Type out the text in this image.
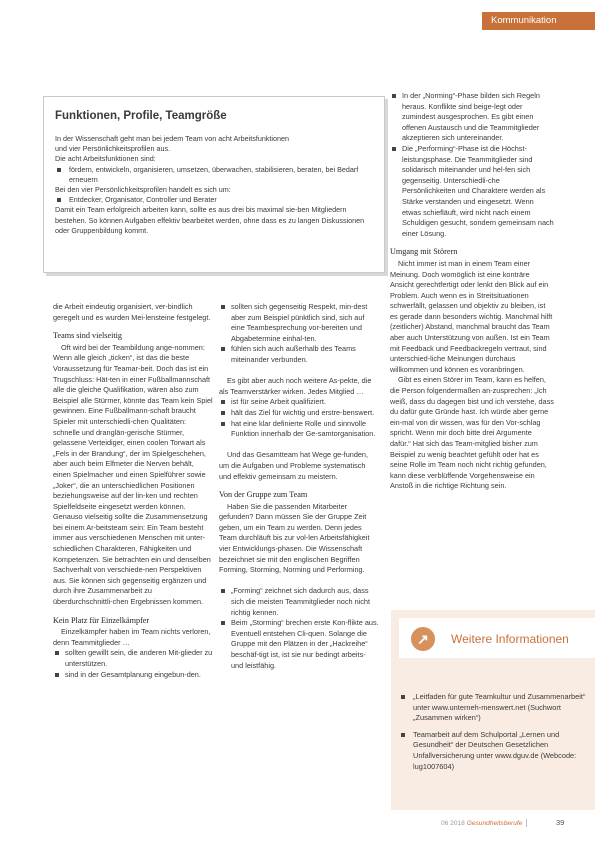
Kommunikation
Funktionen, Profile, Teamgröße

In der Wissenschaft geht man bei jedem Team von acht Arbeitsfunktionen

und vier Persönlichkeitsprofilen aus.

Die acht Arbeitsfunktionen sind:

fördern, entwickeln, organisieren, umsetzen, überwachen, stabilisieren, beraten, bei Bedarf erneuern

Bei den vier Persönlichkeitsprofilen handelt es sich um:

Entdecker, Organisator, Controller und Berater

Damit ein Team erfolgreich arbeiten kann, sollte es aus drei bis maximal sie-ben Mitgliedern bestehen. So können Aufgaben effektiv bearbeitet werden, ohne dass es zu langen Diskussionen oder Gruppenbildung kommt.

die Arbeit eindeutig organisiert, ver-bindlich geregelt und es wurden Mei-lensteine festgelegt.

Teams sind vielseitig

Oft wird bei der Teambildung ange-nommen: Wenn alle gleich „ticken“, ist das die beste Voraussetzung für Teamar-beit. Doch das ist ein Trugschluss: Hät-ten in einer Fußballmannschaft alle die gleiche Qualifikation, wären also zum Beispiel alle Stürmer, könnte das Team kein Spiel gewinnen. Eine Fußballmann-schaft braucht Spieler mit unterschiedli-chen Qualitäten: schnelle und dranglän-gerische Stürmer, gelassene Verteidiger, einen coolen Torwart als „Fels in der Brandung“, der im Spielgeschehen, aber auch beim Elfmeter die Nerven behält, einen Spielmacher und einen Spielführer sowie „Joker“, die an unterschiedlichen Positionen beziehungsweise auf der lin-ken und rechten Spielfeldseite eingesetzt werden können. Genauso vielseitig sollte die Zusammensetzung bei einem Ar-beitsteam sein: Ein Team besteht immer aus verschiedenen Menschen mit unter-schiedlichen Charakteren, Fähigkeiten und Kompetenzen. Sie betrachten ein und denselben Sachverhalt von verschiede-nen Perspektiven aus. Sie können sich gegenseitig ergänzen und durch ihre Zusammenarbeit zu überdurchschnittli-chen Ergebnissen kommen.

Kein Platz für Einzelkämpfer

Einzelkämpfer haben im Team nichts verloren, denn Teammitglieder …

sollten gewillt sein, die anderen Mit-glieder zu unterstützen.
sind in der Gesamtplanung eingebun-den.
sollten sich gegenseitig Respekt, min-dest aber zum Beispiel pünktlich sind, sich auf eine Teambesprechung vor-bereiten und Abgabetermine einhal-ten.
fühlen sich auch außerhalb des Teams miteinander verbunden.

Es gibt aber auch noch weitere As-pekte, die als Teamverstärker wirken. Jedes Mitglied …

ist für seine Arbeit qualifiziert.
hält das Ziel für wichtig und erstre-benswert.
hat eine klar definierte Rolle und sinnvolle Funktion innerhalb der Ge-samtorganisation.

Und das Gesamtteam hat Wege ge-funden, um die Aufgaben und Probleme systematisch und effektiv gemeinsam zu meistern.

Von der Gruppe zum Team

Haben Sie die passenden Mitarbeiter gefunden? Dann müssen Sie der Gruppe Zeit geben, um ein Team zu werden. Denn jedes Team durchläuft bis zur vol-len Arbeitsfähigkeit vier Entwicklungs-phasen. Die Wissenschaft bezeichnet sie mit den englischen Begriffen Forming, Storming, Norming und Performing.

„Forming“ zeichnet sich dadurch aus, dass sich die meisten Teammitglieder noch nicht richtig kennen.
Beim „Storming“ brechen erste Kon-flikte aus. Eventuell entstehen Cli-quen. Solange die Gruppe mit den Plätzen in der „Hackreihe“ beschäf-tigt ist, ist sie nur bedingt arbeits- und leistfähig.
In der „Norming“-Phase bilden sich Regeln heraus. Konflikte sind beige-legt oder zumindest ausgesprochen. Es gibt einen offenen Austausch und die Teammitglieder akzeptieren sich untereinander.
Die „Performing“-Phase ist die Höchst-leistungsphase. Die Teammitglieder sind solidarisch miteinander und hel-fen sich gegenseitig. Unterschiedli-che Persönlichkeiten und Charaktere werden als Stärke verstanden und eingesetzt. Wenn etwas schiefläuft, wird nicht nach einem Schuldigen gesucht, sondern gemeinsam nach einer Lösung.
Umgang mit Störern

Nicht immer ist man in einem Team einer Meinung. Doch womöglich ist eine konträre Ansicht gerechtfertigt oder lenkt den Blick auf ein Problem. Auch wenn es in Streitsituationen schwerfällt, gelassen und objektiv zu bleiben, ist es gerade dann besonders wichtig. Manchmal hilft (zeitlicher) Abstand, manchmal braucht das Team aber auch Unterstützung von außen. Ist ein Team mit Feedback und Feedbackregeln vertraut, sind unterschied-liche Meinungen durchaus willkommen und können es voranbringen.

Gibt es einen Störer im Team, kann es helfen, die Person folgendermaßen an-zusprechen: „Ich weiß, dass du dagegen bist und ich verstehe, dass du dafür gute Gründe hast. Ich würde aber gerne ein-mal von dir wissen, was für den Vor-schlag spricht. Wenn mir doch bitte drei Argumente dafür.“ Hat sich das Team-mitglied bisher zum Beispiel zu wenig beachtet gefühlt oder hat es seine Rolle im Team noch nicht richtig gefunden, kann diese verblüffende Vorgehensweise ein Anstoß in die richtige Richtung sein.

↗	Weitere Informationen
„Leitfaden für gute Teamkultur und Zusammenarbeit“ unter www.unterneh-menswert.net (Suchwort „Zusammen wirken“)
Teamarbeit auf dem Schulportal „Lernen und Gesundheit“ der Deutschen Gesetzlichen Unfallversicherung unter www.dguv.de (Webcode: lug1007604)
06 2018 Gesundheitsberufe	39
